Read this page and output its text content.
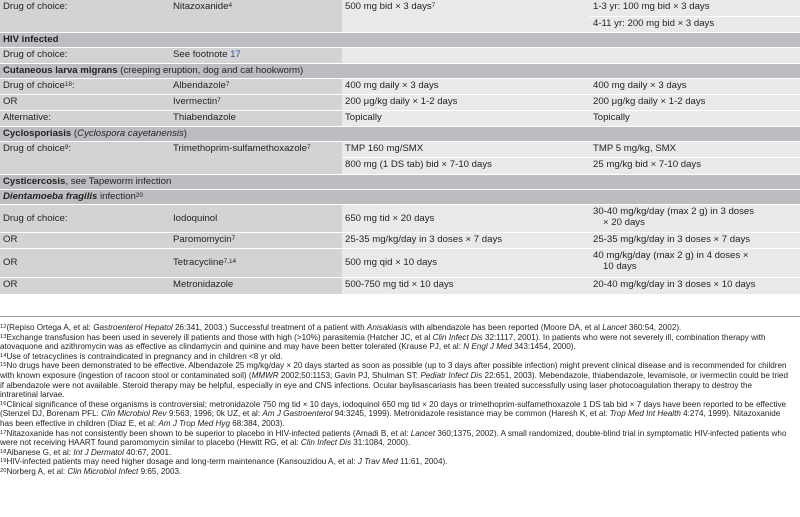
Drug of choice:	Nitazoxanide$^4$	500 mg bid × 3 days$^7$	1-3 yr: 100 mg bid × 3 days
			4-11 yr: 200 mg bid × 3 days
HIV infected			
Drug of choice:	See footnote 17		
Cutaneous larva migrans (creeping eruption, dog and cat hookworm)			
Drug of choice$^{18}$:	Albendazole$^7$	400 mg daily × 3 days	400 mg daily × 3 days
OR	Ivermectin$^7$	200 μg/kg daily × 1-2 days	200 μg/kg daily × 1-2 days
Alternative:	Thiabendazole	Topically	Topically
Cyclosporiasis (Cyclospora cayetanensis)			
Drug of choice$^9$:	Trimethoprim-sulfamethoxazole$^7$	TMP 160 mg/SMX	TMP 5 mg/kg, SMX
		800 mg (1 DS tab) bid × 7-10 days	25 mg/kg bid × 7-10 days
Cysticercosis, see Tapeworm infection			
Dientamoeba fragilis infection$^{20}$
Drug of choice:	Iodoquinol	650 mg tid × 20 days	30-40 mg/kg/day (max 2 g) in 3 doses
× 20 days
OR	Paromomycin$^7$	25-35 mg/kg/day in 3 doses × 7 days	25-35 mg/kg/day in 3 doses × 7 days
OR	Tetracycline$^{7,14}$	500 mg qid × 10 days	40 mg/kg/day (max 2 g) in 4 doses ×
10 days
OR	Metronidazole	500-750 mg tid × 10 days	20-40 mg/kg/day in 3 doses × 10 days
$^{12}$(Repiso Ortega A, et al: Gastroenterol Hepatol 26:341, 2003.) Successful treatment of a patient with Anisakiasis with albendazole has been reported (Moore DA, et al Lancet 360:54, 2002).
$^{13}$Exchange transfusion has been used in severely ill patients and those with high (>10%) parasitemia (Hatcher JC, et al Clin Infect Dis 32:1117, 2001). In patients who were not severely ill, combination therapy with atovaquone and azithromycin was as effective as clindamycin and quinine and may have been better tolerated (Krause PJ, et al: N Engl J Med 343:1454, 2000).
$^{14}$Use of tetracyclines is contraindicated in pregnancy and in children <8 yr old.
$^{15}$No drugs have been demonstrated to be effective. Albendazole 25 mg/kg/day × 20 days started as soon as possible (up to 3 days after possible infection) might prevent clinical disease and is recommended for children with known exposure (ingestion of racoon stool or contaminated soil) (MMWR 2002;50:1153; Gavin PJ, Shulman ST: Pediatr Infect Dis 22:651, 2003). Mebendazole, thiabendazole, levamisole, or ivermectin could be tried if albendazole were not available. Steroid therapy may be helpful, especially in eye and CNS infections. Ocular baylisascariasis has been treated successfully using laser photocoagulation therapy to destroy the intraretinal larvae.
$^{16}$Clinical significance of these organisms is controversial; metronidazole 750 mg tid × 10 days, iodoquinol 650 mg tid × 20 days or trimethoprim-sulfamethoxazole 1 DS tab bid × 7 days have been reported to be effective (Stenzel DJ, Borenam PFL: Clin Microbiol Rev 9:563, 1996; 0k UZ, et al: Am J Gastroenterol 94:3245, 1999). Metronidazole resistance may be common (Haresh K, et al: Trop Med Int Health 4:274, 1999). Nitazoxanide has been effective in children (Diaz E, et al: Am J Trop Med Hyg 68:384, 2003).
$^{17}$Nitazoxanide has not consistently been shown to be superior to placebo in HIV-infected patients (Amadi B, et al: Lancet 360;1375, 2002). A small randomized, double-blind trial in symptomatic HIV-infected patients who were not receiving HAART found paromomycin similar to placebo (Hewitt RG, et al: Clin Infect Dis 31:1084, 2000).
$^{18}$Albanese G, et al: Int J Dermatol 40:67, 2001.
$^{19}$HIV-infected patients may need higher dosage and long-term maintenance (Kansouzidou A, et al: J Trav Med 11:61, 2004).
$^{20}$Norberg A, et al: Clin Microbiol Infect 9:65, 2003.
